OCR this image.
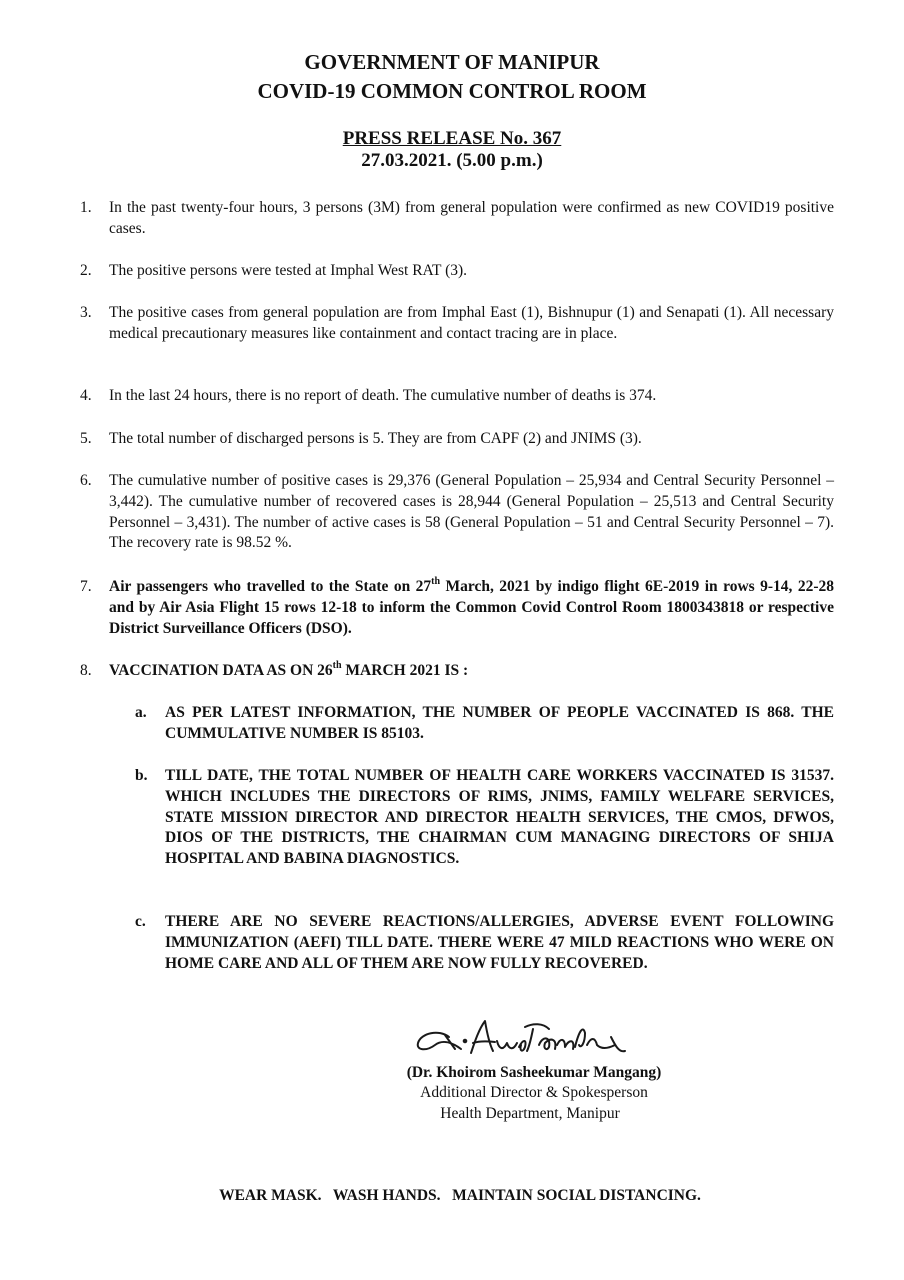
GOVERNMENT OF MANIPUR
COVID-19 COMMON CONTROL ROOM
PRESS RELEASE No. 367
27.03.2021. (5.00 p.m.)
1.	In the past twenty-four hours, 3 persons (3M) from general population were confirmed as new COVID19 positive cases.
2.	The positive persons were tested at Imphal West RAT (3).
3.	The positive cases from general population are from Imphal East (1), Bishnupur (1) and Senapati (1). All necessary medical precautionary measures like containment and contact tracing are in place.
4.	In the last 24 hours, there is no report of death. The cumulative number of deaths is 374.
5.	The total number of discharged persons is 5. They are from CAPF (2) and JNIMS (3).
6.	The cumulative number of positive cases is 29,376 (General Population – 25,934 and Central Security Personnel – 3,442). The cumulative number of recovered cases is 28,944 (General Population – 25,513 and Central Security Personnel – 3,431). The number of active cases is 58 (General Population – 51 and Central Security Personnel – 7). The recovery rate is 98.52 %.
7.	Air passengers who travelled to the State on 27th March, 2021 by indigo flight 6E-2019 in rows 9-14, 22-28 and by Air Asia Flight 15 rows 12-18 to inform the Common Covid Control Room 1800343818 or respective District Surveillance Officers (DSO).
8.	VACCINATION DATA AS ON 26th MARCH 2021 IS :
a.	AS PER LATEST INFORMATION, THE NUMBER OF PEOPLE VACCINATED IS 868. THE CUMMULATIVE NUMBER IS 85103.
b.	TILL DATE, THE TOTAL NUMBER OF HEALTH CARE WORKERS VACCINATED IS 31537. WHICH INCLUDES THE DIRECTORS OF RIMS, JNIMS, FAMILY WELFARE SERVICES, STATE MISSION DIRECTOR AND DIRECTOR HEALTH SERVICES, THE CMOS, DFWOS, DIOS OF THE DISTRICTS, THE CHAIRMAN CUM MANAGING DIRECTORS OF SHIJA HOSPITAL AND BABINA DIAGNOSTICS.
c.	THERE ARE NO SEVERE REACTIONS/ALLERGIES, ADVERSE EVENT FOLLOWING IMMUNIZATION (AEFI) TILL DATE. THERE WERE 47 MILD REACTIONS WHO WERE ON HOME CARE AND ALL OF THEM ARE NOW FULLY RECOVERED.
(Dr. Khoirom Sasheekumar Mangang)
Additional Director & Spokesperson
Health Department, Manipur
WEAR MASK.   WASH HANDS.   MAINTAIN SOCIAL DISTANCING.
